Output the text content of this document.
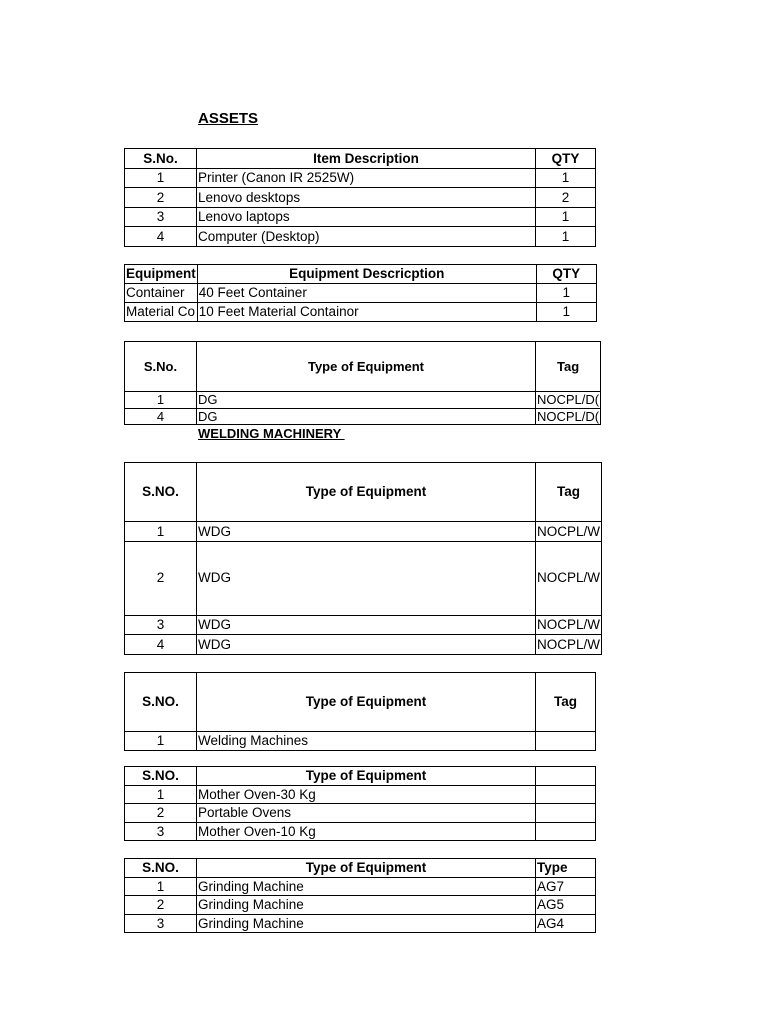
ASSETS
S.No.	Item Description	QTY
1	Printer (Canon IR 2525W)	1
2	Lenovo desktops	2
3	Lenovo laptops	1
4	Computer (Desktop)	1
Equipment	Equipment Descricption	QTY
Container	40 Feet Container	1
Material Co	10 Feet Material Containor	1
S.No.	Type of Equipment	Tag
1	DG	NOCPL/D(
4	DG	NOCPL/D(
WELDING MACHINERY
S.NO.	Type of Equipment	Tag
1	WDG	NOCPL/W
2	WDG	NOCPL/W
3	WDG	NOCPL/W
4	WDG	NOCPL/W
S.NO.	Type of Equipment	Tag
1	Welding Machines	
S.NO.	Type of Equipment	
1	Mother Oven-30 Kg	
2	Portable Ovens	
3	Mother Oven-10 Kg	
S.NO.	Type of Equipment	Type
1	Grinding Machine	AG7
2	Grinding Machine	AG5
3	Grinding Machine	AG4
